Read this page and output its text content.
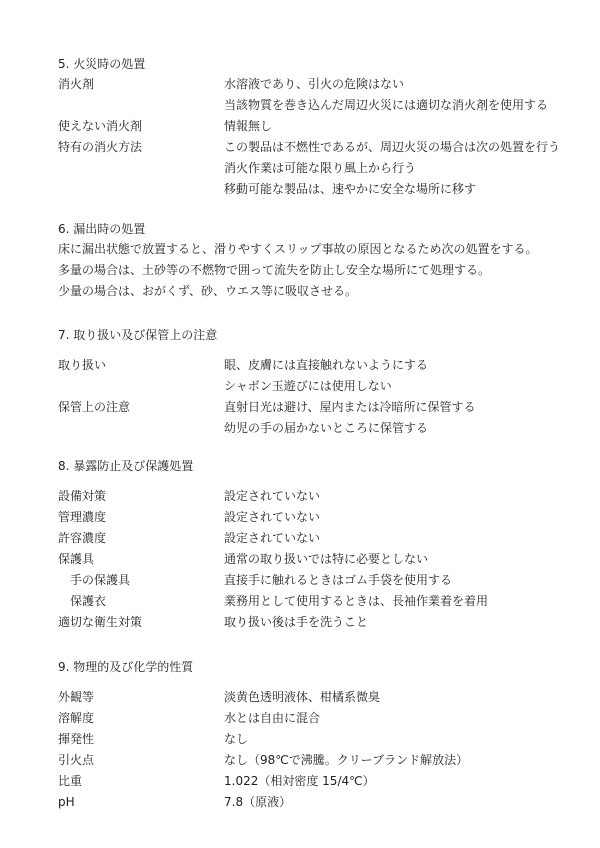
5. 火災時の処置
消火剤	水溶液であり、引火の危険はない
当該物質を巻き込んだ周辺火災には適切な消火剤を使用する
使えない消火剤	情報無し
特有の消火方法	この製品は不燃性であるが、周辺火災の場合は次の処置を行う
消火作業は可能な限り風上から行う
移動可能な製品は、速やかに安全な場所に移す
6. 漏出時の処置
床に漏出状態で放置すると、滑りやすくスリップ事故の原因となるため次の処置をする。
多量の場合は、土砂等の不燃物で囲って流失を防止し安全な場所にて処理する。
少量の場合は、おがくず、砂、ウエス等に吸収させる。
7. 取り扱い及び保管上の注意
取り扱い	眼、皮膚には直接触れないようにする
シャボン玉遊びには使用しない
保管上の注意	直射日光は避け、屋内または冷暗所に保管する
幼児の手の届かないところに保管する
8. 暴露防止及び保護処置
設備対策	設定されていない
管理濃度	設定されていない
許容濃度	設定されていない
保護具	通常の取り扱いでは特に必要としない
手の保護具	直接手に触れるときはゴム手袋を使用する
保護衣	業務用として使用するときは、長袖作業着を着用
適切な衛生対策	取り扱い後は手を洗うこと
9. 物理的及び化学的性質
外観等	淡黄色透明液体、柑橘系微臭
溶解度	水とは自由に混合
揮発性	なし
引火点	なし（98℃で沸騰。クリーブランド解放法）
比重	1.022（相対密度 15/4℃）
pH	7.8（原液）
